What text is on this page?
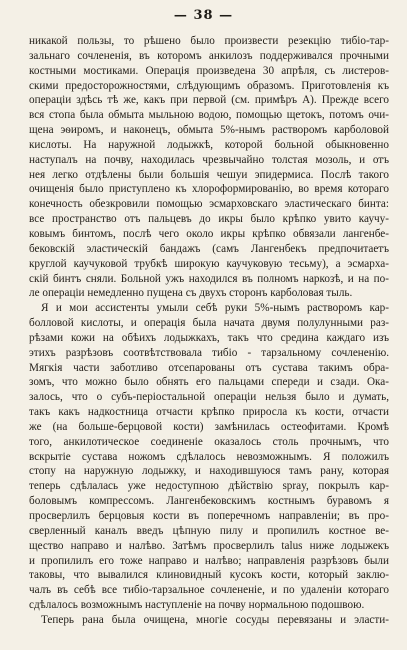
— 38 —
никакой пользы, то рѣшено было произвести резекцію тибіо-тар-
зальнаго сочлененія, въ которомъ анкилозъ поддерживался прочными
костными мостиками. Операція произведена 30 апрѣля, съ листеров-
скими предосторожностями, слѣдующимъ образомъ. Приготовленія къ
операціи здѣсь тѣ же, какъ при первой (см. примѣръ А). Прежде всего
вся стопа была обмыта мыльною водою, помощью щетокъ, потомъ очи-
щена эѳиромъ, и наконецъ, обмыта 5%-нымъ растворомъ карболовой
кислоты. На наружной лодыжкѣ, которой больной обыкновенно
наступалъ на почву, находилась чрезвычайно толстая мозоль, и отъ
нея легко отдѣлены были большія чешуи эпидермиса. Послѣ такого
очищенія было приступлено къ хлороформированію, во время котораго
конечность обезкровили помощью эсмарховскаго эластическаго бинта:
все пространство отъ пальцевъ до икры было крѣпко увито каучу-
ковымъ бинтомъ, послѣ чего около икры крѣпко обвязали лангенбе-
бековскій эластическій бандажъ (самъ Лангенбекъ предпочитаетъ
круглой каучуковой трубкѣ широкую каучуковую тесьму), а эсмарха-
скій бинтъ сняли. Больной ужъ находился въ полномъ наркозѣ, и на по-
ле операціи немедленно пущена съ двухъ сторонъ карболовая тыль.
Я и мои ассистенты умыли себѣ руки 5%-нымъ растворомъ кар-
болловой кислоты, и операція была начата двумя полулунными раз-
рѣзами кожи на обѣихъ лодыжкахъ, такъ что средина каждаго изъ
этихъ разрѣзовъ соотвѣтствовала тибіо - тарзальному сочлененію.
Мягкія части заботливо отсепарованы отъ сустава такимъ обра-
зомъ, что можно было обнять его пальцами спереди и сзади. Ока-
залось, что о субъ-періостальной операціи нельзя было и думать,
такъ какъ надкостница отчасти крѣпко приросла къ кости, отчасти
же (на больше-берцовой кости) замѣнилась остеофитами. Кромѣ
того, анкилотическое соединеніе оказалось столь прочнымъ, что
вскрытіе сустава ножомъ сдѣлалось невозможнымъ. Я положилъ
стопу на наружную лодыжку, и находившуюся тамъ рану, которая
теперь сдѣлалась уже недоступною дѣйствію spray, покрылъ кар-
боловымъ компрессомъ. Лангенбековскимъ костнымъ буравомъ я
просверлилъ берцовыя кости въ поперечномъ направленіи; въ про-
сверленный каналъ введъ цѣпную пилу и пропилилъ костное ве-
щество направо и налѣво. Затѣмъ просверлилъ talus ниже лодыжекъ
и пропилилъ его тоже направо и налѣво; направленія разрѣзовъ были
таковы, что вывалился клиновидный кусокъ кости, который заклю-
чалъ въ себѣ все тибіо-тарзальное сочлененіе, и по удаленіи котораго
сдѣлалось возможнымъ наступленіе на почву нормальною подошвою.
Теперь рана была очищена, многіе сосуды перевязаны и эласти-
